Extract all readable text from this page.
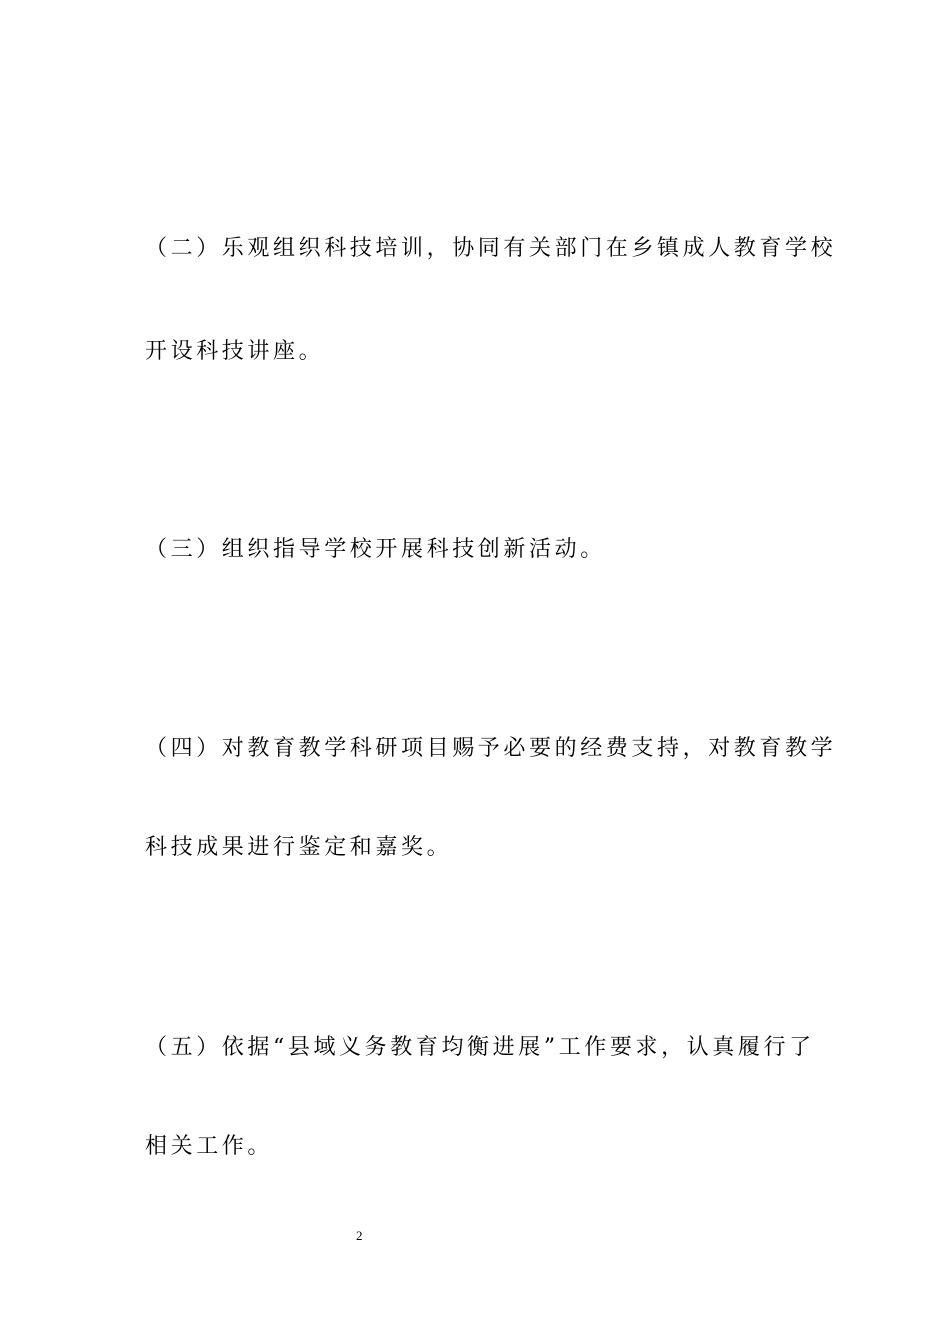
（二）乐观组织科技培训，协同有关部门在乡镇成人教育学校
开设科技讲座。
（三）组织指导学校开展科技创新活动。
（四）对教育教学科研项目赐予必要的经费支持，对教育教学
科技成果进行鉴定和嘉奖。
（五）依据“县域义务教育均衡进展”工作要求，认真履行了
相关工作。
2
